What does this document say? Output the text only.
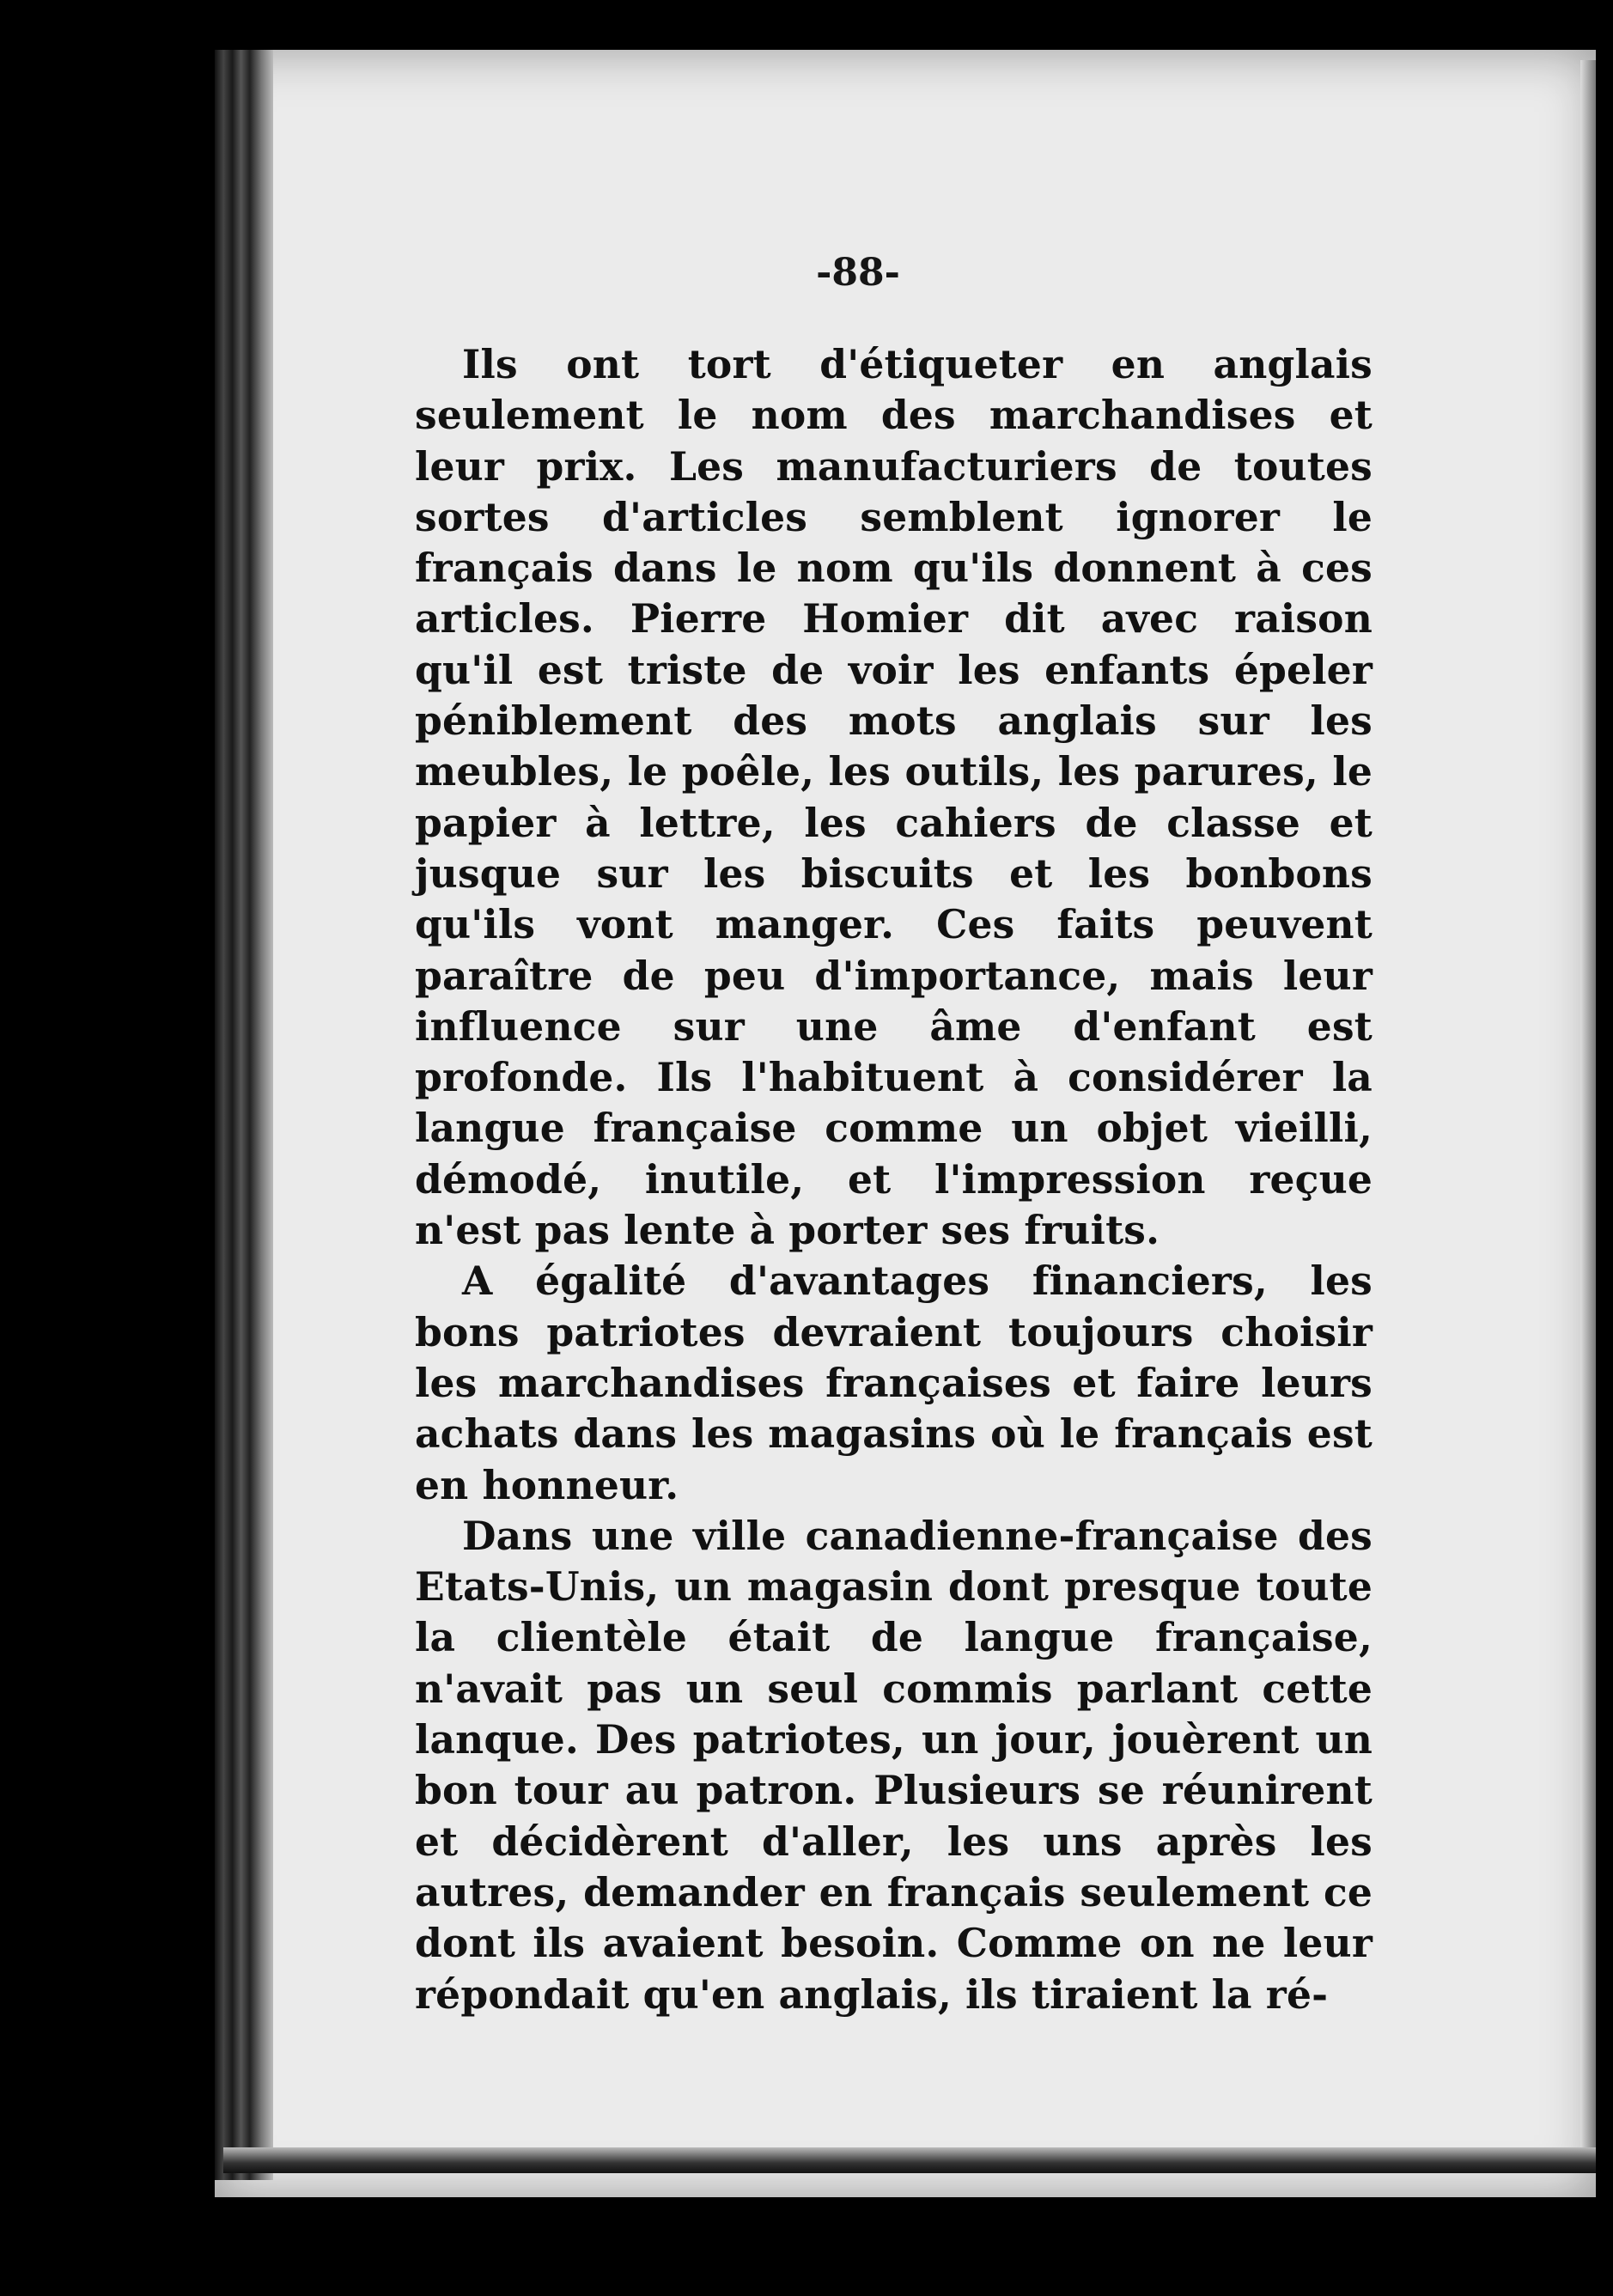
-88-

Ils ont tort d'étiqueter en anglais seulement le nom des marchandises et leur prix. Les manufacturiers de toutes sortes d'articles semblent ignorer le français dans le nom qu'ils donnent à ces articles. Pierre Homier dit avec raison qu'il est triste de voir les enfants épeler péniblement des mots anglais sur les meubles, le poêle, les outils, les parures, le papier à lettre, les cahiers de classe et jusque sur les biscuits et les bonbons qu'ils vont manger. Ces faits peuvent paraître de peu d'importance, mais leur influence sur une âme d'enfant est profonde. Ils l'habituent à considérer la langue française comme un objet vieilli, démodé, inutile, et l'impression reçue n'est pas lente à porter ses fruits.

A égalité d'avantages financiers, les bons patriotes devraient toujours choisir les marchandises françaises et faire leurs achats dans les magasins où le français est en honneur.

Dans une ville canadienne-française des Etats-Unis, un magasin dont presque toute la clientèle était de langue française, n'avait pas un seul commis parlant cette lanque. Des patriotes, un jour, jouèrent un bon tour au patron. Plusieurs se réunirent et décidèrent d'aller, les uns après les autres, demander en français seulement ce dont ils avaient besoin. Comme on ne leur répondait qu'en anglais, ils tiraient la ré-
